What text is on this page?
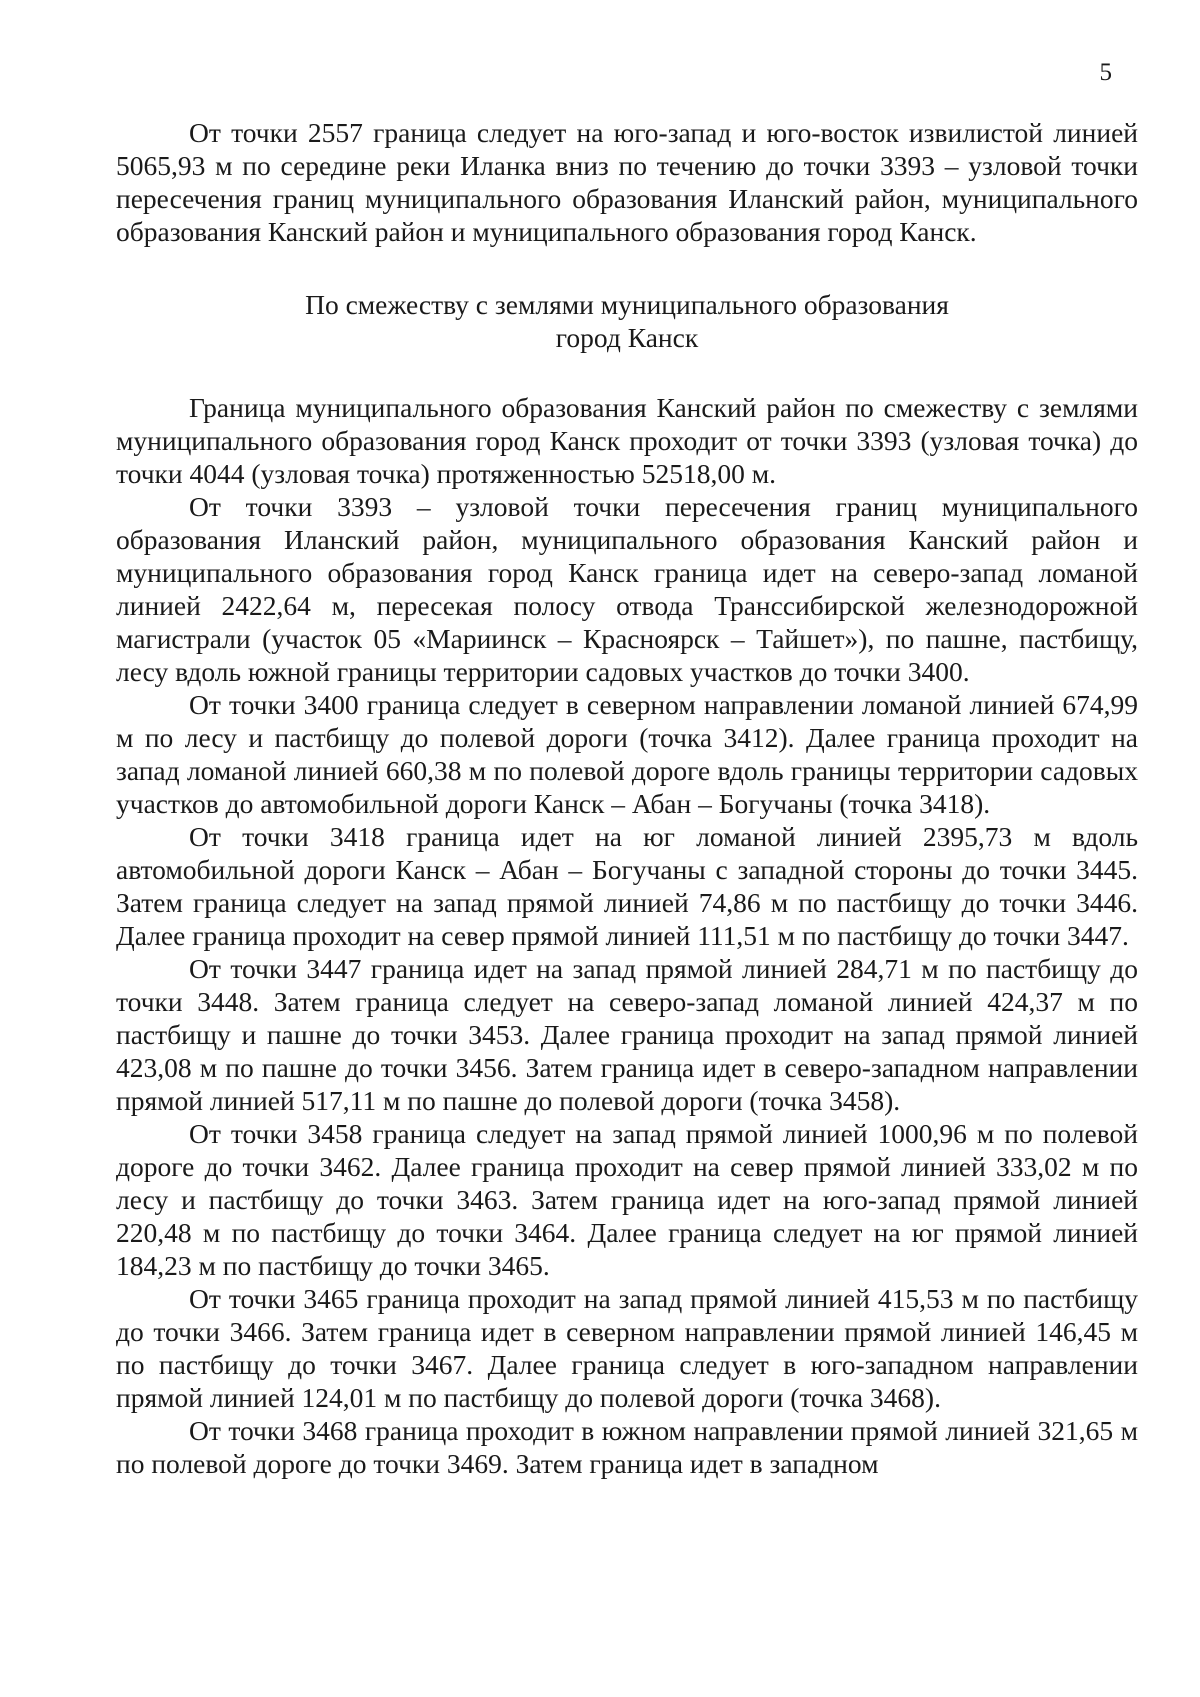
5

От точки 2557 граница следует на юго-запад и юго-восток извилистой линией 5065,93 м по середине реки Иланка вниз по течению до точки 3393 – узловой точки пересечения границ муниципального образования Иланский район, муниципального образования Канский район и муниципального образования город Канск.

По смежеству с землями муниципального образования
город Канск

Граница муниципального образования Канский район по смежеству с землями муниципального образования город Канск проходит от точки 3393 (узловая точка) до точки 4044 (узловая точка) протяженностью 52518,00 м.

От точки 3393 – узловой точки пересечения границ муниципального образования Иланский район, муниципального образования Канский район и муниципального образования город Канск граница идет на северо-запад ломаной линией 2422,64 м, пересекая полосу отвода Транссибирской железнодорожной магистрали (участок 05 «Мариинск – Красноярск – Тайшет»), по пашне, пастбищу, лесу вдоль южной границы территории садовых участков до точки 3400.

От точки 3400 граница следует в северном направлении ломаной линией 674,99 м по лесу и пастбищу до полевой дороги (точка 3412). Далее граница проходит на запад ломаной линией 660,38 м по полевой дороге вдоль границы территории садовых участков до автомобильной дороги Канск – Абан – Богучаны (точка 3418).

От точки 3418 граница идет на юг ломаной линией 2395,73 м вдоль автомобильной дороги Канск – Абан – Богучаны с западной стороны до точки 3445. Затем граница следует на запад прямой линией 74,86 м по пастбищу до точки 3446. Далее граница проходит на север прямой линией 111,51 м по пастбищу до точки 3447.

От точки 3447 граница идет на запад прямой линией 284,71 м по пастбищу до точки 3448. Затем граница следует на северо-запад ломаной линией 424,37 м по пастбищу и пашне до точки 3453. Далее граница проходит на запад прямой линией 423,08 м по пашне до точки 3456. Затем граница идет в северо-западном направлении прямой линией 517,11 м по пашне до полевой дороги (точка 3458).

От точки 3458 граница следует на запад прямой линией 1000,96 м по полевой дороге до точки 3462. Далее граница проходит на север прямой линией 333,02 м по лесу и пастбищу до точки 3463. Затем граница идет на юго-запад прямой линией 220,48 м по пастбищу до точки 3464. Далее граница следует на юг прямой линией 184,23 м по пастбищу до точки 3465.

От точки 3465 граница проходит на запад прямой линией 415,53 м по пастбищу до точки 3466. Затем граница идет в северном направлении прямой линией 146,45 м по пастбищу до точки 3467. Далее граница следует в юго-западном направлении прямой линией 124,01 м по пастбищу до полевой дороги (точка 3468).

От точки 3468 граница проходит в южном направлении прямой линией 321,65 м по полевой дороге до точки 3469. Затем граница идет в западном
